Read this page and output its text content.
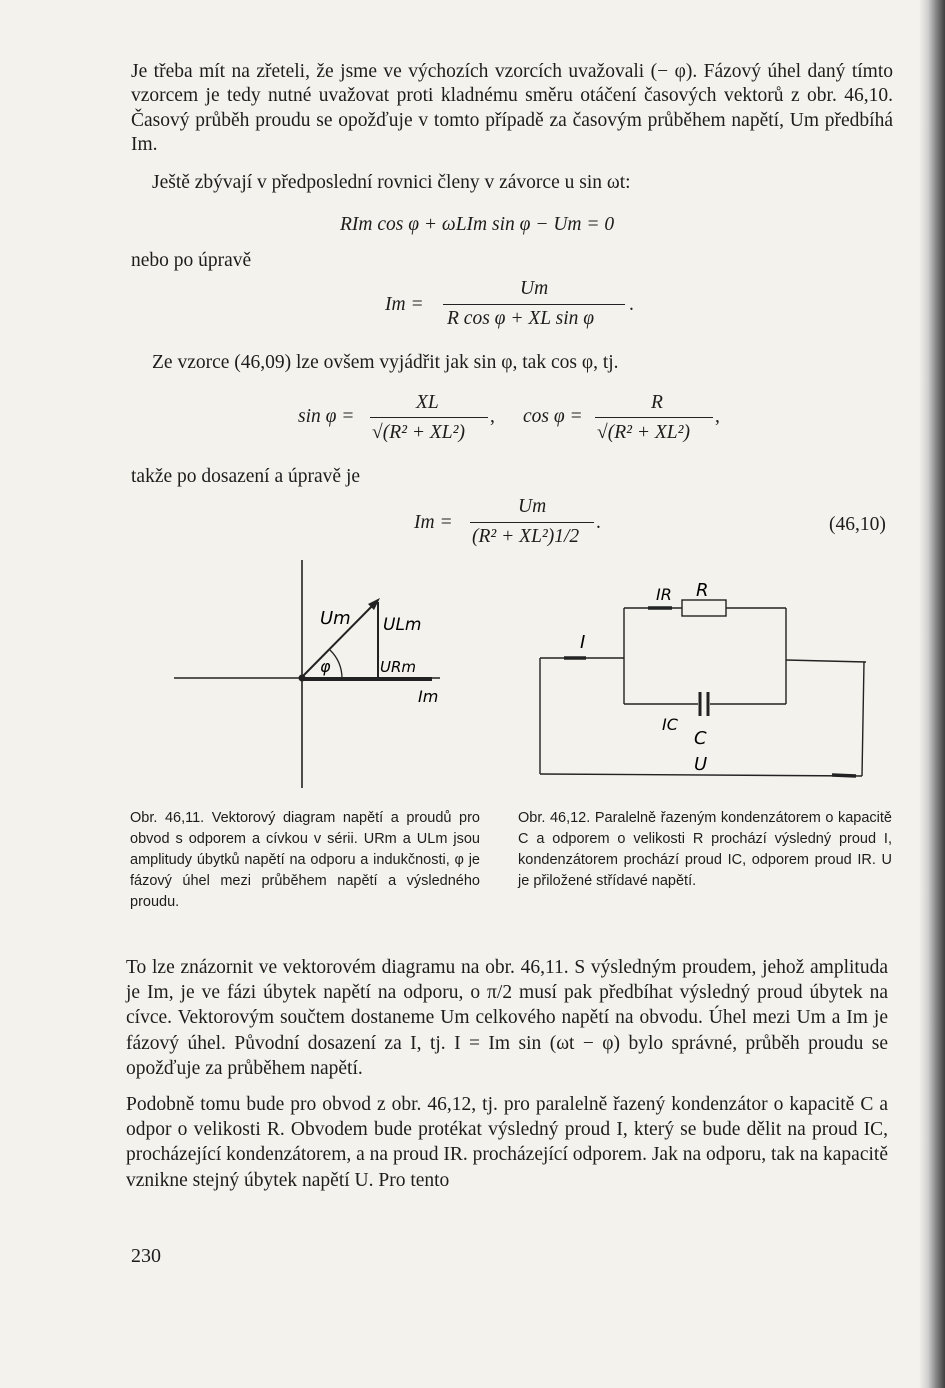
Je třeba mít na zřeteli, že jsme ve výchozích vzorcích uvažovali (− φ). Fázový úhel daný tímto vzorcem je tedy nutné uvažovat proti kladnému směru otáčení časových vektorů z obr. 46,10. Časový průběh proudu se opožďuje v tomto případě za časovým průběhem napětí, Um předbíhá Im.

Ještě zbývají v předposlední rovnici členy v závorce u sin ωt:
RIm cos φ + ωLIm sin φ − Um = 0
nebo po úpravě
Im =
Um
R cos φ + XL sin φ
.
Ze vzorce (46,09) lze ovšem vyjádřit jak sin φ, tak cos φ, tj.
sin φ =
XL
√(R² + XL²)
, cos φ =
R
√(R² + XL²)
,
takže po dosazení a úpravě je
Im =
Um
(R² + XL²)1/2
.	(46,10)
Um ULm
URm
Im
φ
IR R
I
IC
C
U

Obr. 46,11. Vektorový diagram napětí a proudů pro obvod s odporem a cívkou v sérii. URm a ULm jsou amplitudy úbytků napětí na odporu a indukčnosti, φ je fázový úhel mezi průběhem napětí a výsledného proudu.

Obr. 46,12. Paralelně řazeným kondenzátorem o kapacitě C a odporem o velikosti R prochází výsledný proud I, kondenzátorem prochází proud IC, odporem proud IR. U je přiložené střídavé napětí.

To lze znázornit ve vektorovém diagramu na obr. 46,11. S výsledným proudem, jehož amplituda je Im, je ve fázi úbytek napětí na odporu, o π/2 musí pak předbíhat výsledný proud úbytek na cívce. Vektorovým součtem dostaneme Um celkového napětí na obvodu. Úhel mezi Um a Im je fázový úhel. Původní dosazení za I, tj. I = Im sin (ωt − φ) bylo správné, průběh proudu se opožďuje za průběhem napětí.

Podobně tomu bude pro obvod z obr. 46,12, tj. pro paralelně řazený kondenzátor o kapacitě C a odpor o velikosti R. Obvodem bude protékat výsledný proud I, který se bude dělit na proud IC, procházející kondenzátorem, a na proud IR. procházející odporem. Jak na odporu, tak na kapacitě vznikne stejný úbytek napětí U. Pro tento

230
